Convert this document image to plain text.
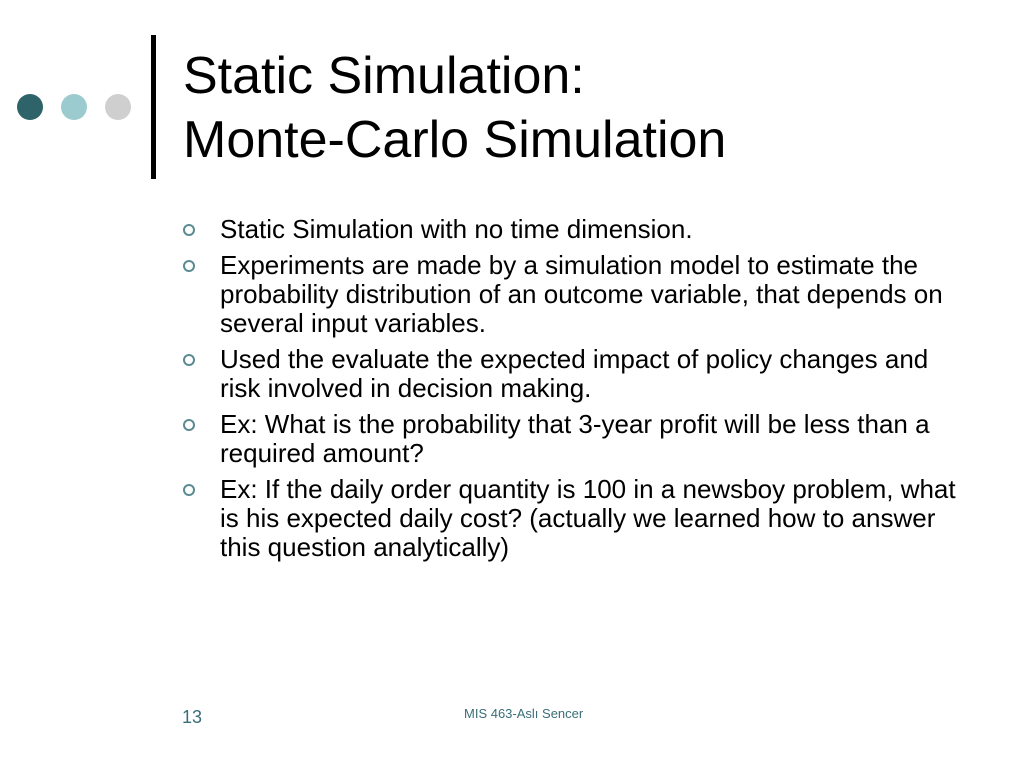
Static Simulation:
Monte-Carlo Simulation
Static Simulation with no time dimension.
Experiments are made by a simulation model to estimate the probability distribution of an outcome variable, that depends on several input variables.
Used the evaluate the expected impact of policy changes and risk involved in decision making.
Ex: What is the probability that 3-year profit will be less than a required amount?
Ex: If the daily order quantity is 100 in a newsboy problem, what is his expected daily cost? (actually we learned how to answer this question analytically)
13	MIS 463-Aslı Sencer
